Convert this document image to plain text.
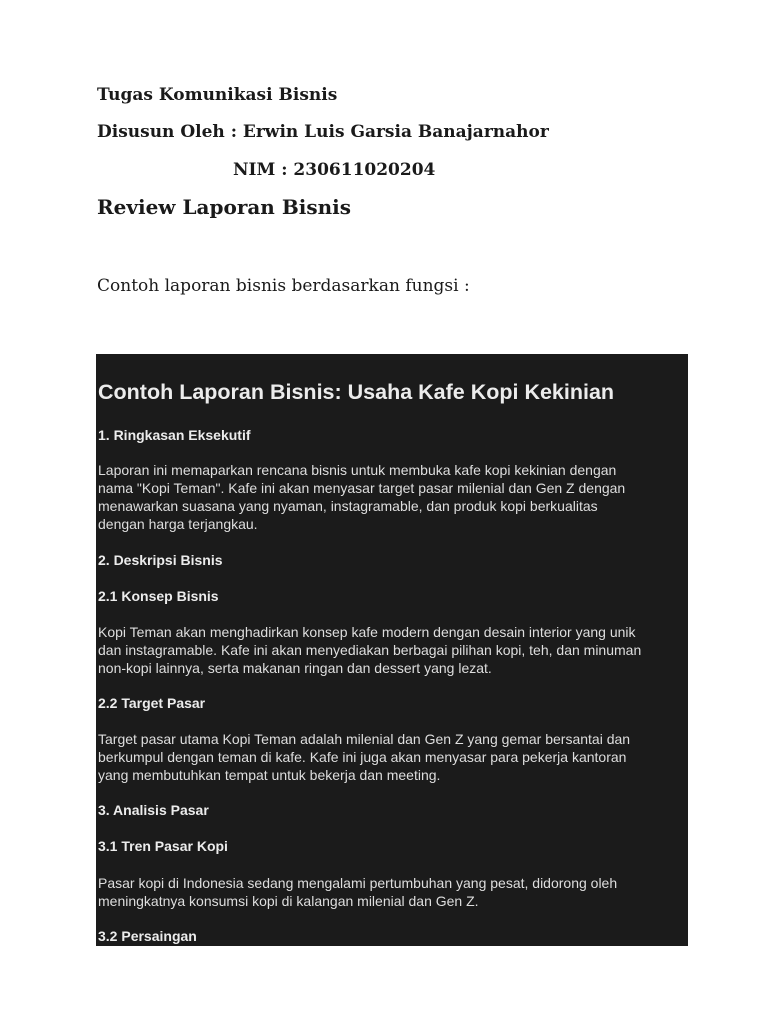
Tugas Komunikasi Bisnis
Disusun Oleh : Erwin Luis Garsia Banajarnahor
NIM : 230611020204
Review Laporan Bisnis
Contoh laporan bisnis berdasarkan fungsi :
Contoh Laporan Bisnis: Usaha Kafe Kopi Kekinian
1. Ringkasan Eksekutif
Laporan ini memaparkan rencana bisnis untuk membuka kafe kopi kekinian dengan
nama "Kopi Teman". Kafe ini akan menyasar target pasar milenial dan Gen Z dengan
menawarkan suasana yang nyaman, instagramable, dan produk kopi berkualitas
dengan harga terjangkau.
2. Deskripsi Bisnis
2.1 Konsep Bisnis
Kopi Teman akan menghadirkan konsep kafe modern dengan desain interior yang unik
dan instagramable. Kafe ini akan menyediakan berbagai pilihan kopi, teh, dan minuman
non-kopi lainnya, serta makanan ringan dan dessert yang lezat.
2.2 Target Pasar
Target pasar utama Kopi Teman adalah milenial dan Gen Z yang gemar bersantai dan
berkumpul dengan teman di kafe. Kafe ini juga akan menyasar para pekerja kantoran
yang membutuhkan tempat untuk bekerja dan meeting.
3. Analisis Pasar
3.1 Tren Pasar Kopi
Pasar kopi di Indonesia sedang mengalami pertumbuhan yang pesat, didorong oleh
meningkatnya konsumsi kopi di kalangan milenial dan Gen Z.
3.2 Persaingan
